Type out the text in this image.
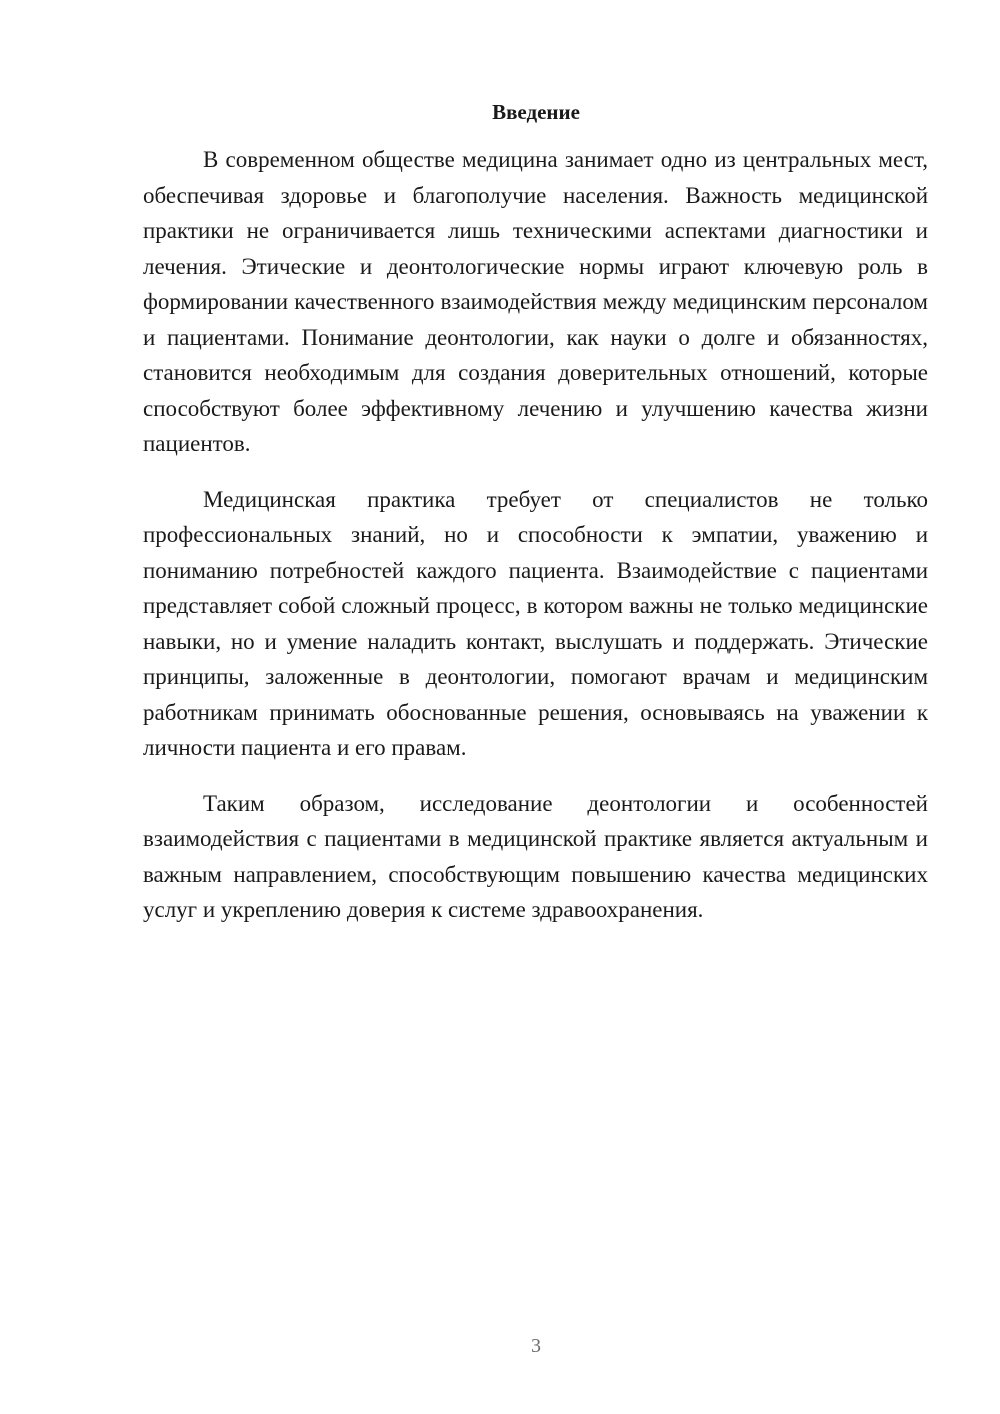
Введение

В современном обществе медицина занимает одно из центральных мест, обеспечивая здоровье и благополучие населения. Важность медицинской практики не ограничивается лишь техническими аспектами диагностики и лечения. Этические и деонтологические нормы играют ключевую роль в формировании качественного взаимодействия между медицинским персоналом и пациентами. Понимание деонтологии, как науки о долге и обязанностях, становится необходимым для создания доверительных отношений, которые способствуют более эффективному лечению и улучшению качества жизни пациентов.

Медицинская практика требует от специалистов не только профессиональных знаний, но и способности к эмпатии, уважению и пониманию потребностей каждого пациента. Взаимодействие с пациентами представляет собой сложный процесс, в котором важны не только медицинские навыки, но и умение наладить контакт, выслушать и поддержать. Этические принципы, заложенные в деонтологии, помогают врачам и медицинским работникам принимать обоснованные решения, основываясь на уважении к личности пациента и его правам.

Таким образом, исследование деонтологии и особенностей взаимодействия с пациентами в медицинской практике является актуальным и важным направлением, способствующим повышению качества медицинских услуг и укреплению доверия к системе здравоохранения.

3
